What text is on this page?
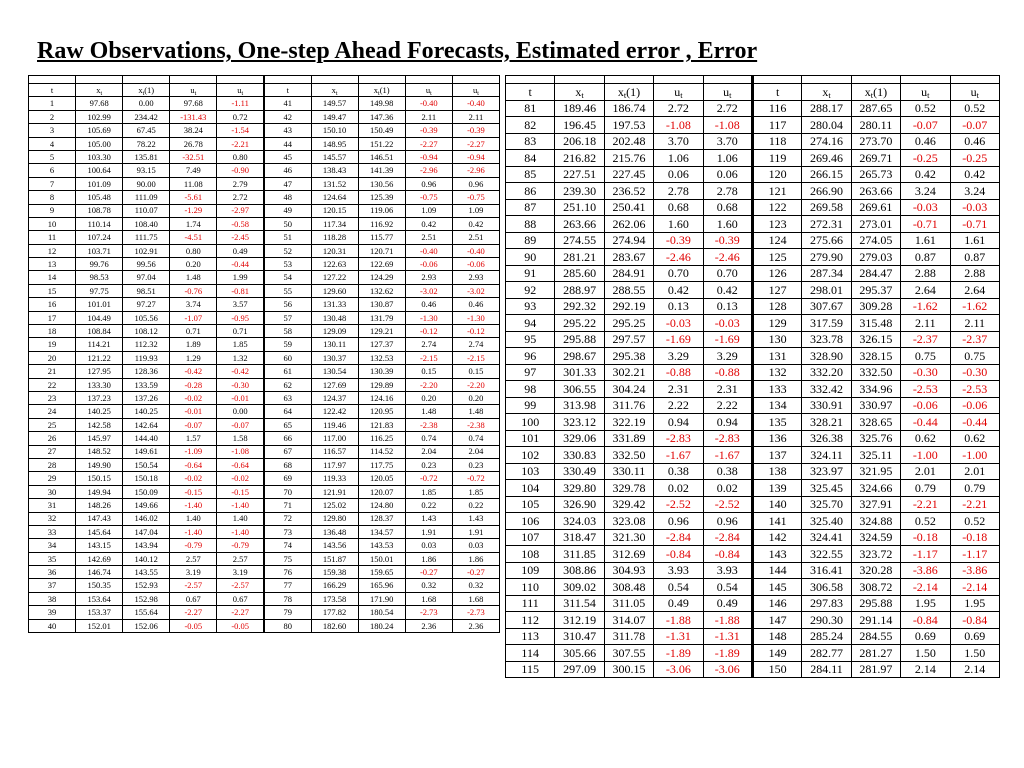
Raw Observations, One-step Ahead Forecasts, Estimated error , Error

t	$x_t$	^ $x_t(1)$	^ $u_t$	$u_t$	t	$x_t$	^ $x_t(1)$	^ $u_t$	$u_t$
1	97.68	0.00	97.68	-1.11	41	149.57	149.98	-0.40	-0.40
2	102.99	234.42	-131.43	0.72	42	149.47	147.36	2.11	2.11
3	105.69	67.45	38.24	-1.54	43	150.10	150.49	-0.39	-0.39
4	105.00	78.22	26.78	-2.21	44	148.95	151.22	-2.27	-2.27
5	103.30	135.81	-32.51	0.80	45	145.57	146.51	-0.94	-0.94
6	100.64	93.15	7.49	-0.90	46	138.43	141.39	-2.96	-2.96
7	101.09	90.00	11.08	2.79	47	131.52	130.56	0.96	0.96
8	105.48	111.09	-5.61	2.72	48	124.64	125.39	-0.75	-0.75
9	108.78	110.07	-1.29	-2.97	49	120.15	119.06	1.09	1.09
10	110.14	108.40	1.74	-0.58	50	117.34	116.92	0.42	0.42
11	107.24	111.75	-4.51	-2.45	51	118.28	115.77	2.51	2.51
12	103.71	102.91	0.80	0.49	52	120.31	120.71	-0.40	-0.40
13	99.76	99.56	0.20	-0.44	53	122.63	122.69	-0.06	-0.06
14	98.53	97.04	1.48	1.99	54	127.22	124.29	2.93	2.93
15	97.75	98.51	-0.76	-0.81	55	129.60	132.62	-3.02	-3.02
16	101.01	97.27	3.74	3.57	56	131.33	130.87	0.46	0.46
17	104.49	105.56	-1.07	-0.95	57	130.48	131.79	-1.30	-1.30
18	108.84	108.12	0.71	0.71	58	129.09	129.21	-0.12	-0.12
19	114.21	112.32	1.89	1.85	59	130.11	127.37	2.74	2.74
20	121.22	119.93	1.29	1.32	60	130.37	132.53	-2.15	-2.15
21	127.95	128.36	-0.42	-0.42	61	130.54	130.39	0.15	0.15
22	133.30	133.59	-0.28	-0.30	62	127.69	129.89	-2.20	-2.20
23	137.23	137.26	-0.02	-0.01	63	124.37	124.16	0.20	0.20
24	140.25	140.25	-0.01	0.00	64	122.42	120.95	1.48	1.48
25	142.58	142.64	-0.07	-0.07	65	119.46	121.83	-2.38	-2.38
26	145.97	144.40	1.57	1.58	66	117.00	116.25	0.74	0.74
27	148.52	149.61	-1.09	-1.08	67	116.57	114.52	2.04	2.04
28	149.90	150.54	-0.64	-0.64	68	117.97	117.75	0.23	0.23
29	150.15	150.18	-0.02	-0.02	69	119.33	120.05	-0.72	-0.72
30	149.94	150.09	-0.15	-0.15	70	121.91	120.07	1.85	1.85
31	148.26	149.66	-1.40	-1.40	71	125.02	124.80	0.22	0.22
32	147.43	146.02	1.40	1.40	72	129.80	128.37	1.43	1.43
33	145.64	147.04	-1.40	-1.40	73	136.48	134.57	1.91	1.91
34	143.15	143.94	-0.79	-0.79	74	143.56	143.53	0.03	0.03
35	142.69	140.12	2.57	2.57	75	151.87	150.01	1.86	1.86
36	146.74	143.55	3.19	3.19	76	159.38	159.65	-0.27	-0.27
37	150.35	152.93	-2.57	-2.57	77	166.29	165.96	0.32	0.32
38	153.64	152.98	0.67	0.67	78	173.58	171.90	1.68	1.68
39	153.37	155.64	-2.27	-2.27	79	177.82	180.54	-2.73	-2.73
40	152.01	152.06	-0.05	-0.05	80	182.60	180.24	2.36	2.36

t	$x_t$	^ $x_t(1)$	^ $u_t$	$u_t$	t	$x_t$	^ $x_t(1)$	^ $u_t$	$u_t$
81	189.46	186.74	2.72	2.72	116	288.17	287.65	0.52	0.52
82	196.45	197.53	-1.08	-1.08	117	280.04	280.11	-0.07	-0.07
83	206.18	202.48	3.70	3.70	118	274.16	273.70	0.46	0.46
84	216.82	215.76	1.06	1.06	119	269.46	269.71	-0.25	-0.25
85	227.51	227.45	0.06	0.06	120	266.15	265.73	0.42	0.42
86	239.30	236.52	2.78	2.78	121	266.90	263.66	3.24	3.24
87	251.10	250.41	0.68	0.68	122	269.58	269.61	-0.03	-0.03
88	263.66	262.06	1.60	1.60	123	272.31	273.01	-0.71	-0.71
89	274.55	274.94	-0.39	-0.39	124	275.66	274.05	1.61	1.61
90	281.21	283.67	-2.46	-2.46	125	279.90	279.03	0.87	0.87
91	285.60	284.91	0.70	0.70	126	287.34	284.47	2.88	2.88
92	288.97	288.55	0.42	0.42	127	298.01	295.37	2.64	2.64
93	292.32	292.19	0.13	0.13	128	307.67	309.28	-1.62	-1.62
94	295.22	295.25	-0.03	-0.03	129	317.59	315.48	2.11	2.11
95	295.88	297.57	-1.69	-1.69	130	323.78	326.15	-2.37	-2.37
96	298.67	295.38	3.29	3.29	131	328.90	328.15	0.75	0.75
97	301.33	302.21	-0.88	-0.88	132	332.20	332.50	-0.30	-0.30
98	306.55	304.24	2.31	2.31	133	332.42	334.96	-2.53	-2.53
99	313.98	311.76	2.22	2.22	134	330.91	330.97	-0.06	-0.06
100	323.12	322.19	0.94	0.94	135	328.21	328.65	-0.44	-0.44
101	329.06	331.89	-2.83	-2.83	136	326.38	325.76	0.62	0.62
102	330.83	332.50	-1.67	-1.67	137	324.11	325.11	-1.00	-1.00
103	330.49	330.11	0.38	0.38	138	323.97	321.95	2.01	2.01
104	329.80	329.78	0.02	0.02	139	325.45	324.66	0.79	0.79
105	326.90	329.42	-2.52	-2.52	140	325.70	327.91	-2.21	-2.21
106	324.03	323.08	0.96	0.96	141	325.40	324.88	0.52	0.52
107	318.47	321.30	-2.84	-2.84	142	324.41	324.59	-0.18	-0.18
108	311.85	312.69	-0.84	-0.84	143	322.55	323.72	-1.17	-1.17
109	308.86	304.93	3.93	3.93	144	316.41	320.28	-3.86	-3.86
110	309.02	308.48	0.54	0.54	145	306.58	308.72	-2.14	-2.14
111	311.54	311.05	0.49	0.49	146	297.83	295.88	1.95	1.95
112	312.19	314.07	-1.88	-1.88	147	290.30	291.14	-0.84	-0.84
113	310.47	311.78	-1.31	-1.31	148	285.24	284.55	0.69	0.69
114	305.66	307.55	-1.89	-1.89	149	282.77	281.27	1.50	1.50
115	297.09	300.15	-3.06	-3.06	150	284.11	281.97	2.14	2.14
